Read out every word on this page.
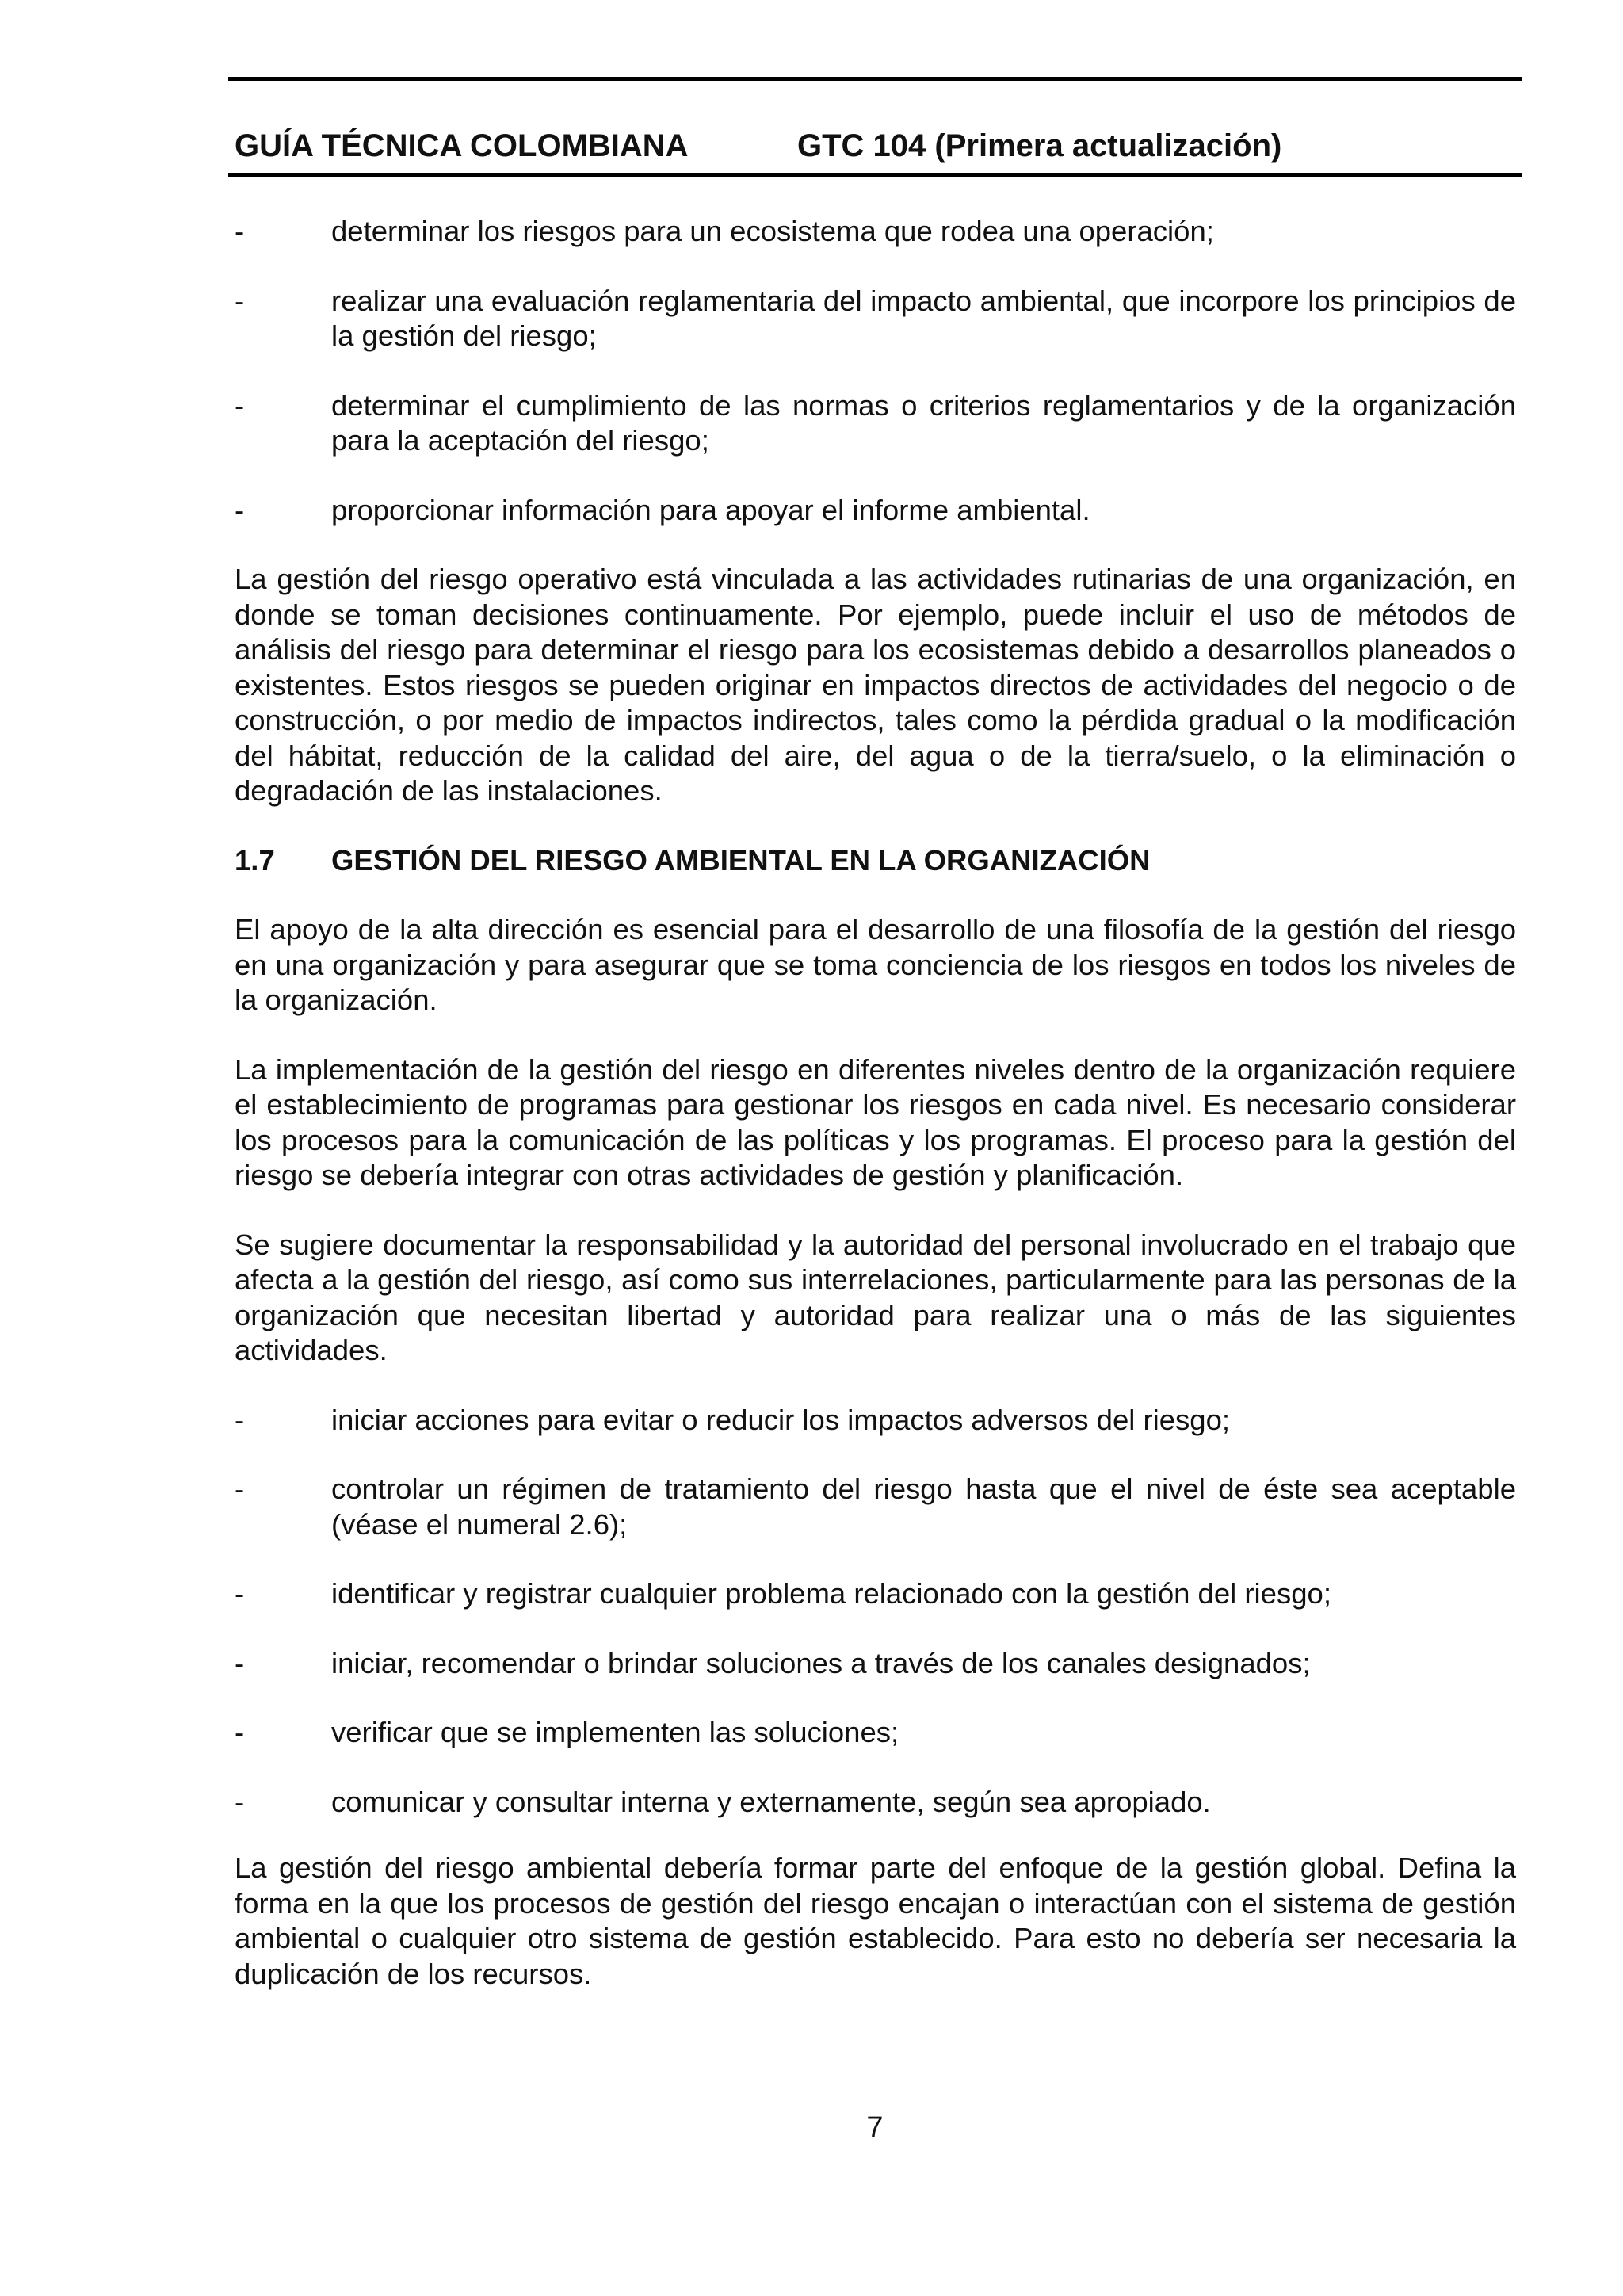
GUÍA TÉCNICA COLOMBIANA	GTC 104 (Primera actualización)
-	determinar los riesgos para un ecosistema que rodea una operación;
-	realizar una evaluación reglamentaria del impacto ambiental, que incorpore los principios de la gestión del riesgo;
-	determinar el cumplimiento de las normas o criterios reglamentarios y de la organización para la aceptación del riesgo;
-	proporcionar información para apoyar el informe ambiental.

La gestión del riesgo operativo está vinculada a las actividades rutinarias de una organización, en donde se toman decisiones continuamente. Por ejemplo, puede incluir el uso de métodos de análisis del riesgo para determinar el riesgo para los ecosistemas debido a desarrollos planeados o existentes. Estos riesgos se pueden originar en impactos directos de actividades del negocio o de construcción, o por medio de impactos indirectos, tales como la pérdida gradual o la modificación del hábitat, reducción de la calidad del aire, del agua o de la tierra/suelo, o la eliminación o degradación de las instalaciones.

1.7 GESTIÓN DEL RIESGO AMBIENTAL EN LA ORGANIZACIÓN

El apoyo de la alta dirección es esencial para el desarrollo de una filosofía de la gestión del riesgo en una organización y para asegurar que se toma conciencia de los riesgos en todos los niveles de la organización.

La implementación de la gestión del riesgo en diferentes niveles dentro de la organización requiere el establecimiento de programas para gestionar los riesgos en cada nivel. Es necesario considerar los procesos para la comunicación de las políticas y los programas. El proceso para la gestión del riesgo se debería integrar con otras actividades de gestión y planificación.

Se sugiere documentar la responsabilidad y la autoridad del personal involucrado en el trabajo que afecta a la gestión del riesgo, así como sus interrelaciones, particularmente para las personas de la organización que necesitan libertad y autoridad para realizar una o más de las siguientes actividades.

-	iniciar acciones para evitar o reducir los impactos adversos del riesgo;
-	controlar un régimen de tratamiento del riesgo hasta que el nivel de éste sea aceptable (véase el numeral 2.6);
-	identificar y registrar cualquier problema relacionado con la gestión del riesgo;
-	iniciar, recomendar o brindar soluciones a través de los canales designados;
-	verificar que se implementen las soluciones;
-	comunicar y consultar interna y externamente, según sea apropiado.

La gestión del riesgo ambiental debería formar parte del enfoque de la gestión global. Defina la forma en la que los procesos de gestión del riesgo encajan o interactúan con el sistema de gestión ambiental o cualquier otro sistema de gestión establecido. Para esto no debería ser necesaria la duplicación de los recursos.

7
